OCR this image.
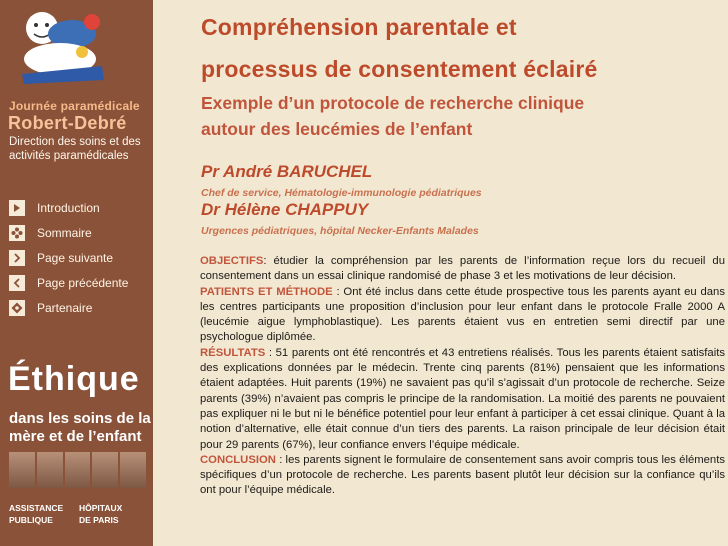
Journée paramédicale
Robert-Debré
Direction des soins et des
activités paramédicales
Introduction
Sommaire
Page suivante
Page précédente
Partenaire
Éthique
dans les soins de la
mère et de l’enfant
ASSISTANCE
PUBLIQUE
HÔPITAUX
DE PARIS
Compréhension parentale et
processus de consentement éclairé
Exemple d’un protocole de recherche clinique
autour des leucémies de l’enfant
Pr André BARUCHEL
Chef de service, Hématologie-immunologie pédiatriques
Dr Hélène CHAPPUY
Urgences pédiatriques, hôpital Necker-Enfants Malades

OBJECTIFS: étudier la compréhension par les parents de l’information reçue lors du recueil du consentement dans un essai clinique randomisé de phase 3 et les motivations de leur décision.

PATIENTS ET MÉTHODE : Ont été inclus dans cette étude prospective tous les parents ayant eu dans les centres participants une proposition d’inclusion pour leur enfant dans le protocole Fralle 2000 A (leucémie aigue lymphoblastique). Les parents étaient vus en entretien semi directif par une psychologue diplômée.

RÉSULTATS : 51 parents ont été rencontrés et 43 entretiens réalisés. Tous les parents étaient satisfaits des explications données par le médecin. Trente cinq parents (81%) pensaient que les informations étaient adaptées. Huit parents (19%) ne savaient pas qu’il s’agissait d’un protocole de recherche. Seize parents (39%) n’avaient pas compris le principe de la randomisation. La moitié des parents ne pouvaient pas expliquer ni le but ni le bénéfice potentiel pour leur enfant à participer à cet essai clinique. Quant à la notion d’alternative, elle était connue d’un tiers des parents. La raison principale de leur décision était pour 29 parents (67%), leur confiance envers l’équipe médicale.

CONCLUSION : les parents signent le formulaire de consentement sans avoir compris tous les éléments spécifiques d’un protocole de recherche. Les parents basent plutôt leur décision sur la confiance qu’ils ont pour l’équipe médicale.
